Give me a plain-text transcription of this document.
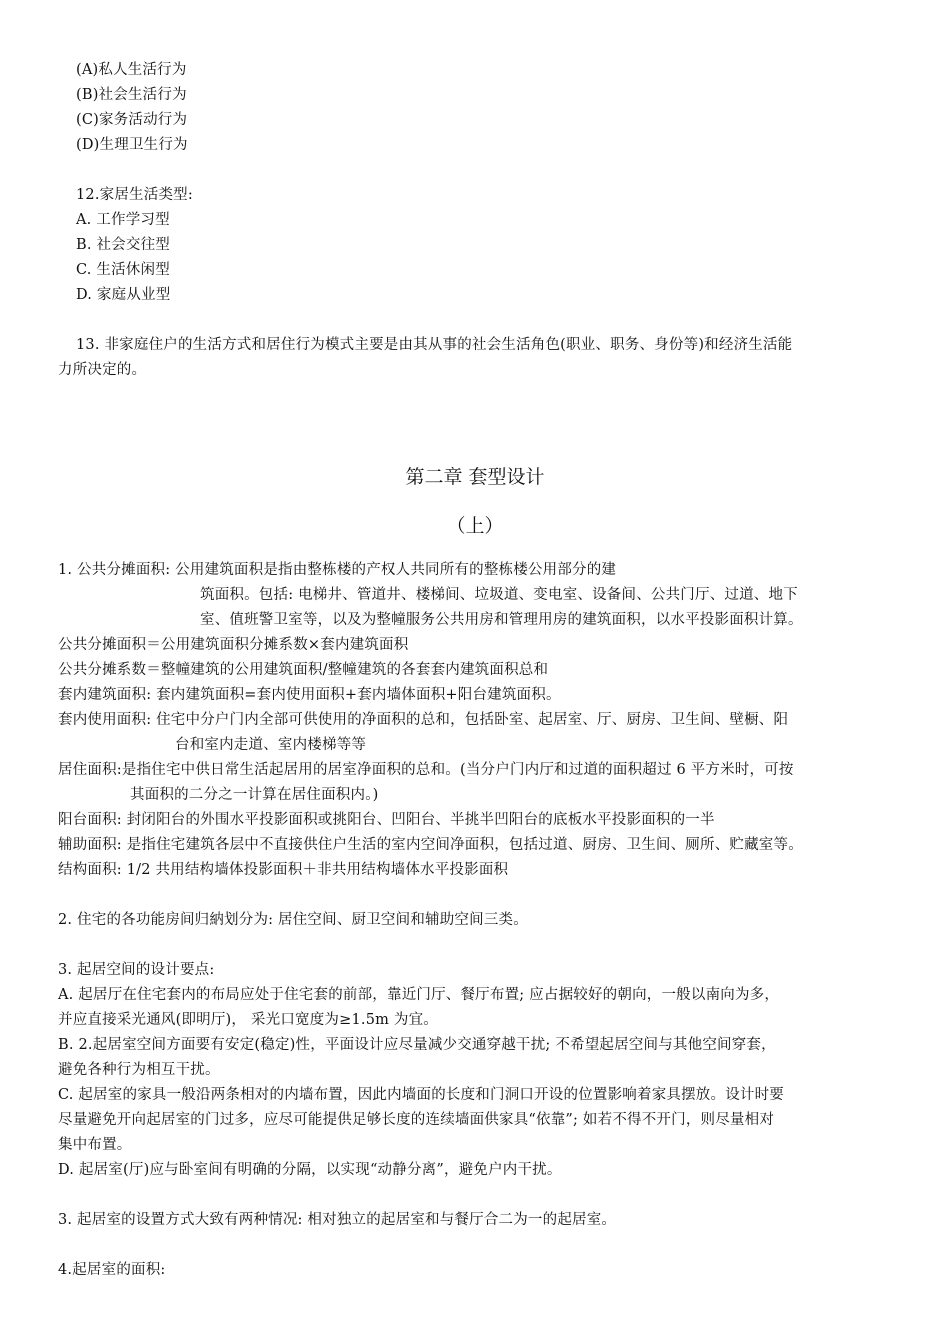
(A)私人生活行为
(B)社会生活行为
(C)家务活动行为
(D)生理卫生行为
12.家居生活类型:
A. 工作学习型
B. 社会交往型
C. 生活休闲型
D. 家庭从业型
13. 非家庭住户的生活方式和居住行为模式主要是由其从事的社会生活角色(职业、职务、身份等)和经济生活能
力所决定的。
第二章 套型设计
（上）
1. 公共分摊面积: 公用建筑面积是指由整栋楼的产权人共同所有的整栋楼公用部分的建
筑面积。包括: 电梯井、管道井、楼梯间、垃圾道、变电室、设备间、公共门厅、过道、地下
室、值班警卫室等，以及为整幢服务公共用房和管理用房的建筑面积，以水平投影面积计算。
公共分摊面积＝公用建筑面积分摊系数×套内建筑面积
公共分摊系数＝整幢建筑的公用建筑面积/整幢建筑的各套套内建筑面积总和
套内建筑面积: 套内建筑面积=套内使用面积+套内墙体面积+阳台建筑面积。
套内使用面积: 住宅中分户门内全部可供使用的净面积的总和，包括卧室、起居室、厅、厨房、卫生间、壁橱、阳
台和室内走道、室内楼梯等等
居住面积:是指住宅中供日常生活起居用的居室净面积的总和。(当分户门内厅和过道的面积超过 6 平方米时，可按
其面积的二分之一计算在居住面积内。)
阳台面积: 封闭阳台的外围水平投影面积或挑阳台、凹阳台、半挑半凹阳台的底板水平投影面积的一半
辅助面积: 是指住宅建筑各层中不直接供住户生活的室内空间净面积，包括过道、厨房、卫生间、厕所、贮藏室等。
结构面积: 1/2 共用结构墙体投影面积＋非共用结构墙体水平投影面积
2. 住宅的各功能房间归納划分为: 居住空间、厨卫空间和辅助空间三类。
3. 起居空间的设计要点:
A. 起居厅在住宅套内的布局应处于住宅套的前部，靠近门厅、餐厅布置; 应占据较好的朝向，一般以南向为多，
并应直接采光通风(即明厅)， 采光口宽度为≥1.5m 为宜。
B. 2.起居室空间方面要有安定(稳定)性，平面设计应尽量减少交通穿越干扰; 不希望起居空间与其他空间穿套，
避免各种行为相互干扰。
C. 起居室的家具一般沿两条相对的内墙布置，因此内墙面的长度和门洞口开设的位置影响着家具摆放。设计时要
尽量避免开向起居室的门过多，应尽可能提供足够长度的连续墙面供家具“依靠”; 如若不得不开门，则尽量相对
集中布置。
D. 起居室(厅)应与卧室间有明确的分隔，以实现“动静分离”，避免户内干扰。
3. 起居室的设置方式大致有两种情况: 相对独立的起居室和与餐厅合二为一的起居室。
4.起居室的面积:
